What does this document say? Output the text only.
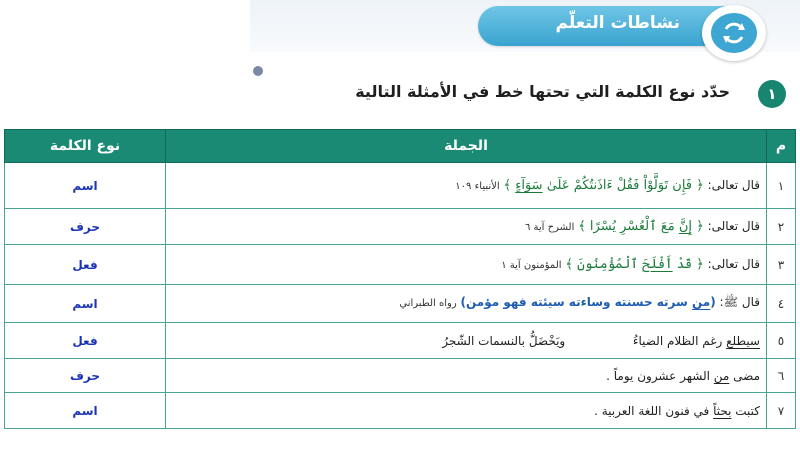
نشاطات التعلّم
١
حدّد نوع الكلمة التي تحتها خط في الأمثلة التالية
م	الجملة	نوع الكلمة
١	قال تعالى: ﴿ فَإِن تَوَلَّوْاْ فَقُلْ ءَاذَنتُكُمْ عَلَىٰ سَوَآءٍ ﴾ الأنبياء ١٠٩	اسم
٢	قال تعالى: ﴿ إِنَّ مَعَ ٱلْعُسْرِ يُسْرًا ﴾ الشرح آية ٦	حرف
٣	قال تعالى: ﴿ قَدْ أَفْلَحَ ٱلْمُؤْمِنُونَ ﴾ المؤمنون آية ١	فعل
٤	قال ﷺ: (من سرته حسنته وساءته سيئته فهو مؤمن) رواه الطبراني	اسم
٥	سيطلع رغم الظلام الضياءُ  ويَخْضَلُّ بالنسمات الشّجرُ	فعل
٦	مضى من الشهر عشرون يوماً .	حرف
٧	كتبت بحثاً في فنون اللغة العربية .	اسم
